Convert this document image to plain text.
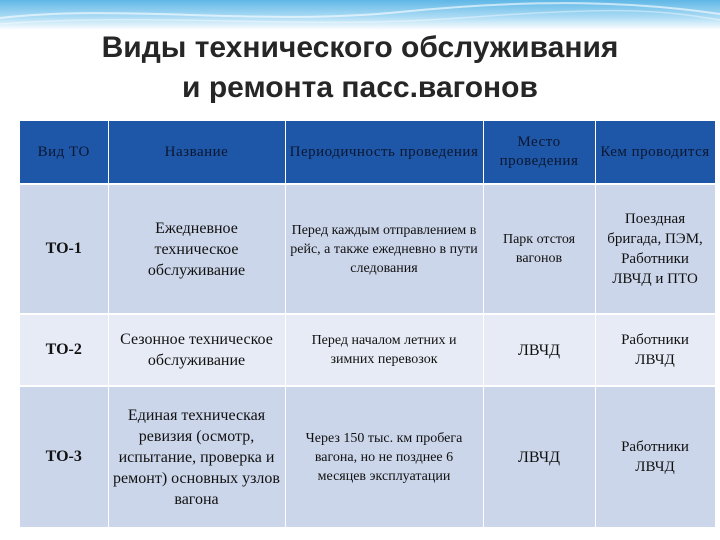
Виды технического обслуживания
и ремонта пасс.вагонов
Вид ТО	Название	Периодичность проведения	Место проведения	Кем проводится
ТО-1	Ежедневное техническое обслуживание	Перед каждым отправлением в рейс, а также ежедневно в пути следования	Парк отстоя вагонов	Поездная бригада, ПЭМ, Работники ЛВЧД и ПТО
ТО-2	Сезонное техническое обслуживание	Перед началом летних и зимних перевозок	ЛВЧД	Работники ЛВЧД
ТО-3	Единая техническая ревизия (осмотр, испытание, проверка и ремонт) основных узлов вагона	Через 150 тыс. км пробега вагона, но не позднее 6 месяцев эксплуатации	ЛВЧД	Работники ЛВЧД
